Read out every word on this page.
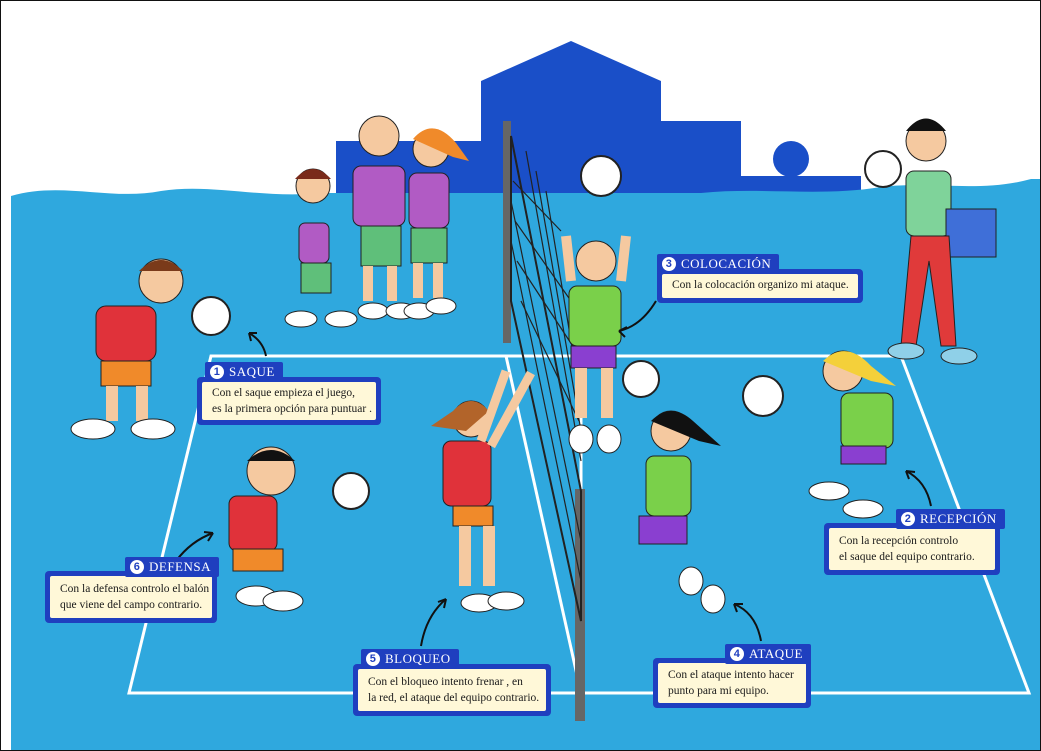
Con el saque empieza el juego,
es la primera opción para puntuar .
1 SAQUE
Con la recepción controlo
el saque del equipo contrario.
2 RECEPCIÓN
Con la colocación organizo mi ataque.
3 COLOCACIÓN
Con el ataque intento hacer
punto para mi equipo.
4 ATAQUE
Con el bloqueo intento frenar , en
la red, el ataque del equipo contrario.
5 BLOQUEO
Con la defensa controlo el balón
que viene del campo contrario.
6 DEFENSA
